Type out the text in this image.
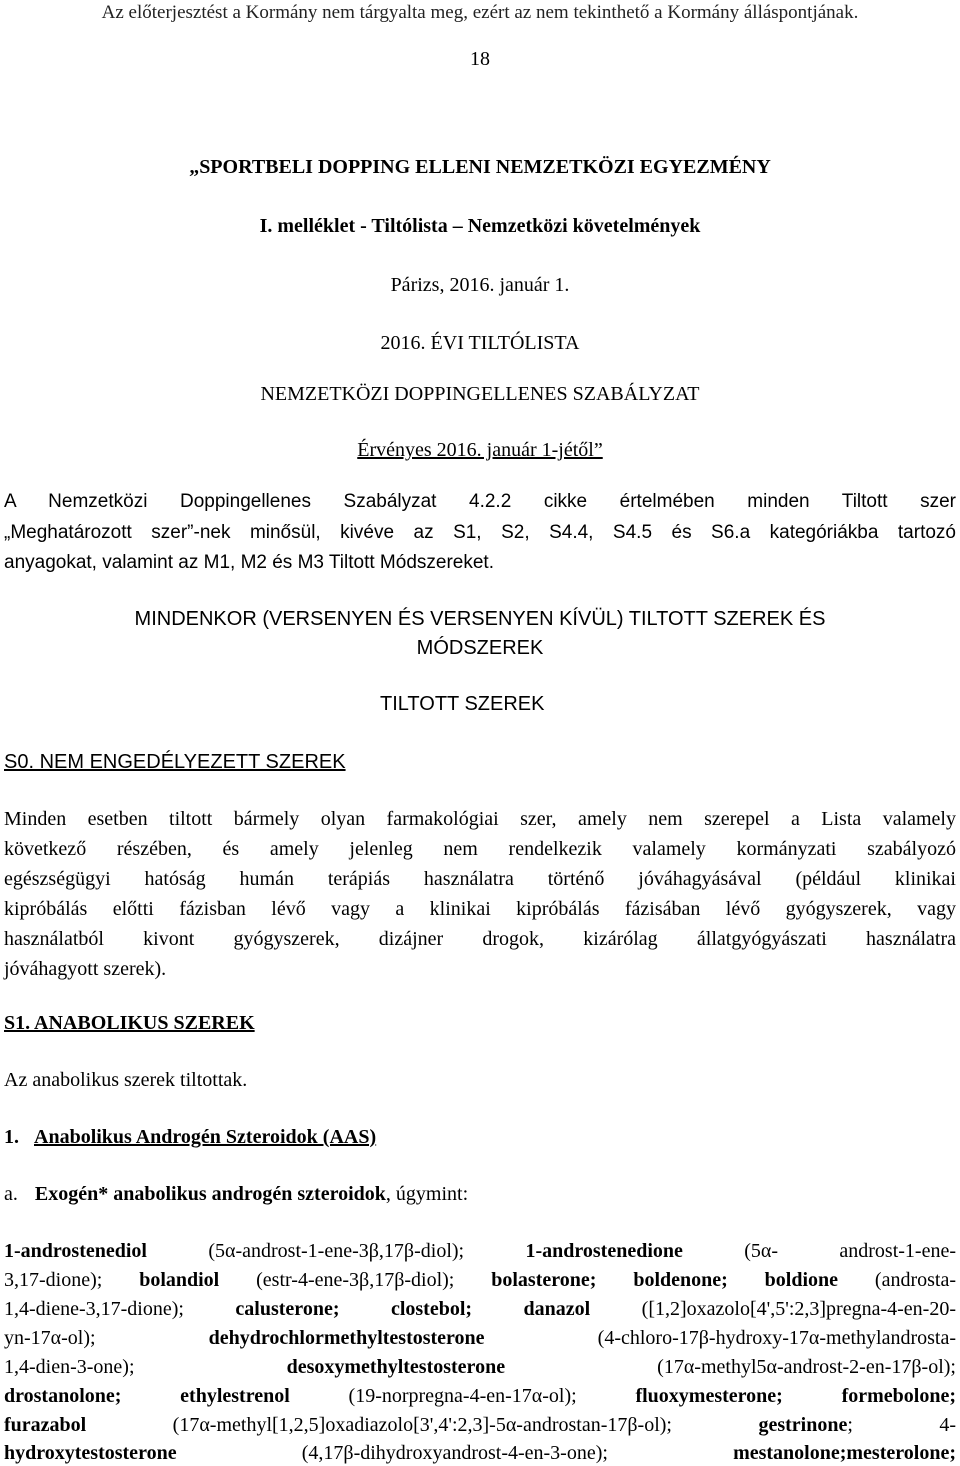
Az előterjesztést a Kormány nem tárgyalta meg, ezért az nem tekinthető a Kormány álláspontjának.
18
„SPORTBELI DOPPING ELLENI NEMZETKÖZI EGYEZMÉNY
I. melléklet - Tiltólista – Nemzetközi követelmények
Párizs, 2016. január 1.
2016. ÉVI TILTÓLISTA
NEMZETKÖZI DOPPINGELLENES SZABÁLYZAT
Érvényes 2016. január 1-jétől”
A Nemzetközi Doppingellenes Szabályzat 4.2.2 cikke értelmében minden Tiltott szer
„Meghatározott szer”-nek minősül, kivéve az S1, S2, S4.4, S4.5 és S6.a kategóriákba tartozó
anyagokat, valamint az M1, M2 és M3 Tiltott Módszereket.
MINDENKOR (VERSENYEN ÉS VERSENYEN KÍVÜL) TILTOTT SZEREK ÉS
MÓDSZEREK
TILTOTT SZEREK
S0. NEM ENGEDÉLYEZETT SZEREK
Minden esetben tiltott bármely olyan farmakológiai szer, amely nem szerepel a Lista valamely
következő részében, és amely jelenleg nem rendelkezik valamely kormányzati szabályozó
egészségügyi hatóság humán terápiás használatra történő jóváhagyásával (például klinikai
kipróbálás előtti fázisban lévő vagy a klinikai kipróbálás fázisában lévő gyógyszerek, vagy
használatból kivont gyógyszerek, dizájner drogok, kizárólag állatgyógyászati használatra
jóváhagyott szerek).
S1. ANABOLIKUS SZEREK
Az anabolikus szerek tiltottak.
1. Anabolikus Androgén Szteroidok (AAS)
a. Exogén* anabolikus androgén szteroidok, úgymint:
1-androstenediol (5α-androst-1-ene-3β,17β-diol); 1-androstenedione (5α- androst-1-ene-
3,17-dione); bolandiol (estr-4-ene-3β,17β-diol); bolasterone; boldenone; boldione (androsta-
1,4-diene-3,17-dione); calusterone; clostebol; danazol ([1,2]oxazolo[4',5':2,3]pregna-4-en-20-
yn-17α-ol); dehydrochlormethyltestosterone (4-chloro-17β-hydroxy-17α-methylandrosta-
1,4-dien-3-one); desoxymethyltestosterone (17α-methyl5α-androst-2-en-17β-ol);
drostanolone; ethylestrenol (19-norpregna-4-en-17α-ol); fluoxymesterone; formebolone;
furazabol (17α-methyl[1,2,5]oxadiazolo[3',4':2,3]-5α-androstan-17β-ol); gestrinone; 4-
hydroxytestosterone (4,17β-dihydroxyandrost-4-en-3-one); mestanolone;mesterolone;
